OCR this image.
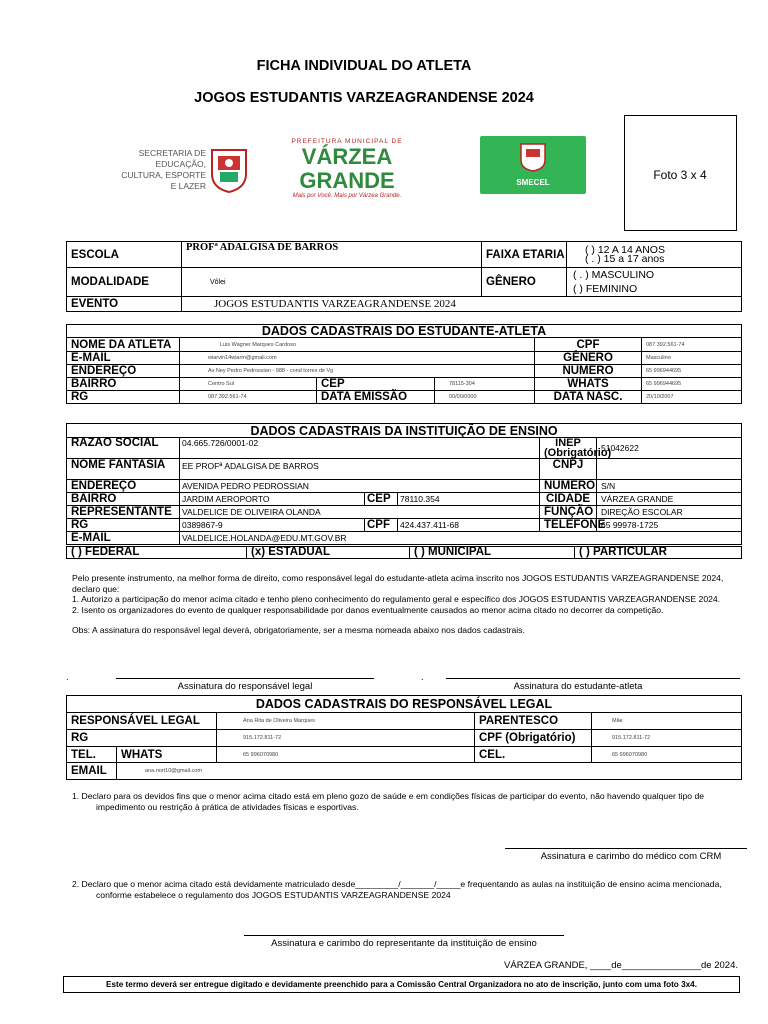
FICHA INDIVIDUAL DO ATLETA
JOGOS ESTUDANTIS VARZEAGRANDENSE 2024
SECRETARIA DE EDUCAÇÃO, CULTURA, ESPORTE E LAZER
PREFEITURA MUNICIPAL DE
VÁRZEA GRANDE
Mais por Você. Mais por Várzea Grande.
SMECEL
Foto 3 x 4
ESCOLA	PROFª ADALGISA DE BARROS	FAIXA ETARIA	( ) 12 A 14 ANOS
( . ) 15 a 17 anos

MODALIDADE	Vôlei	GÊNERO	( . ) MASCULINO
( ) FEMININO

EVENTO	JOGOS ESTUDANTIS VARZEAGRANDENSE 2024		
DADOS CADASTRAIS DO ESTUDANTE-ATLETA					
NOME DA ATLETA	Luis Wagner Marques Cardoso			CPF	087.392.561-74
E-MAIL	wiarvin14wiarm@gmail.com			GÊNERO	Masculino
ENDEREÇO	Av Ney Pedro Pedrossian - 988 - cond torres de Vg			NUMERO	65 996944695
BAIRRO	Centro Sul	CEP	78115-304	WHATS	65 996944695
RG	087.392.561-74	DATA EMISSÃO	00/00/0000	DATA NASC.	20/10/2007
DADOS CADASTRAIS DA INSTITUIÇÃO DE ENSINO					
RAZAO SOCIAL	04.665.726/0001-02			INEP (Obrigatório)	51042622
NOME FANTASIA	EE PROFª ADALGISA DE BARROS			CNPJ	
ENDEREÇO	AVENIDA PEDRO PEDROSSIAN			NUMERO	S/N
BAIRRO	JARDIM AEROPORTO	CEP	78110.354	CIDADE	VÁRZEA GRANDE
REPRESENTANTE	VALDELICE DE OLIVEIRA OLANDA			FUNÇÃO	DIREÇÃO ESCOLAR
RG	0389867-9	CPF	424.437.411-68	TELEFONE	65 99978-1725
E-MAIL	VALDELICE.HOLANDA@EDU.MT.GOV.BR				
( ) FEDERAL	(x) ESTADUAL	( ) MUNICIPAL	( ) PARTICULAR
Pelo presente instrumento, na melhor forma de direito, como responsável legal do estudante-atleta acima inscrito nos JOGOS ESTUDANTIS VARZEAGRANDENSE 2024, declaro que:
1. Autorizo a participação do menor acima citado e tenho pleno conhecimento do regulamento geral e específico dos JOGOS ESTUDANTIS VARZEAGRANDENSE 2024.
2. Isento os organizadores do evento de qualquer responsabilidade por danos eventualmente causados ao menor acima citado no decorrer da competição.
Obs: A assinatura do responsável legal deverá, obrigatoriamente, ser a mesma nomeada abaixo nos dados cadastrais.
.
Assinatura do responsável legal
.
Assinatura do estudante-atleta
DADOS CADASTRAIS DO RESPONSÁVEL LEGAL				
RESPONSÁVEL LEGAL		Ana Rita de Oliveira Marques	PARENTESCO	Mãe
RG		915.172.811-72	CPF (Obrigatório)	915.172.811-72
TEL.	WHATS	65 996070980	CEL.	65 996070980
EMAIL	ana.nort10@gmail.com			
1. Declaro para os devidos fins que o menor acima citado está em pleno gozo de saúde e em condições físicas de participar do evento, não havendo qualquer tipo de impedimento ou restrição à prática de atividades físicas e esportivas.
Assinatura e carimbo do médico com CRM
2. Declaro que o menor acima citado está devidamente matriculado desde_________/_______/_____e frequentando as aulas na instituição de ensino acima mencionada, conforme estabelece o regulamento dos JOGOS ESTUDANTIS VARZEAGRANDENSE 2024
Assinatura e carimbo do representante da instituição de ensino
VÁRZEA GRANDE, ____de_______________de 2024.
Este termo deverá ser entregue digitado e devidamente preenchido para a Comissão Central Organizadora no ato de inscrição, junto com uma foto 3x4.
